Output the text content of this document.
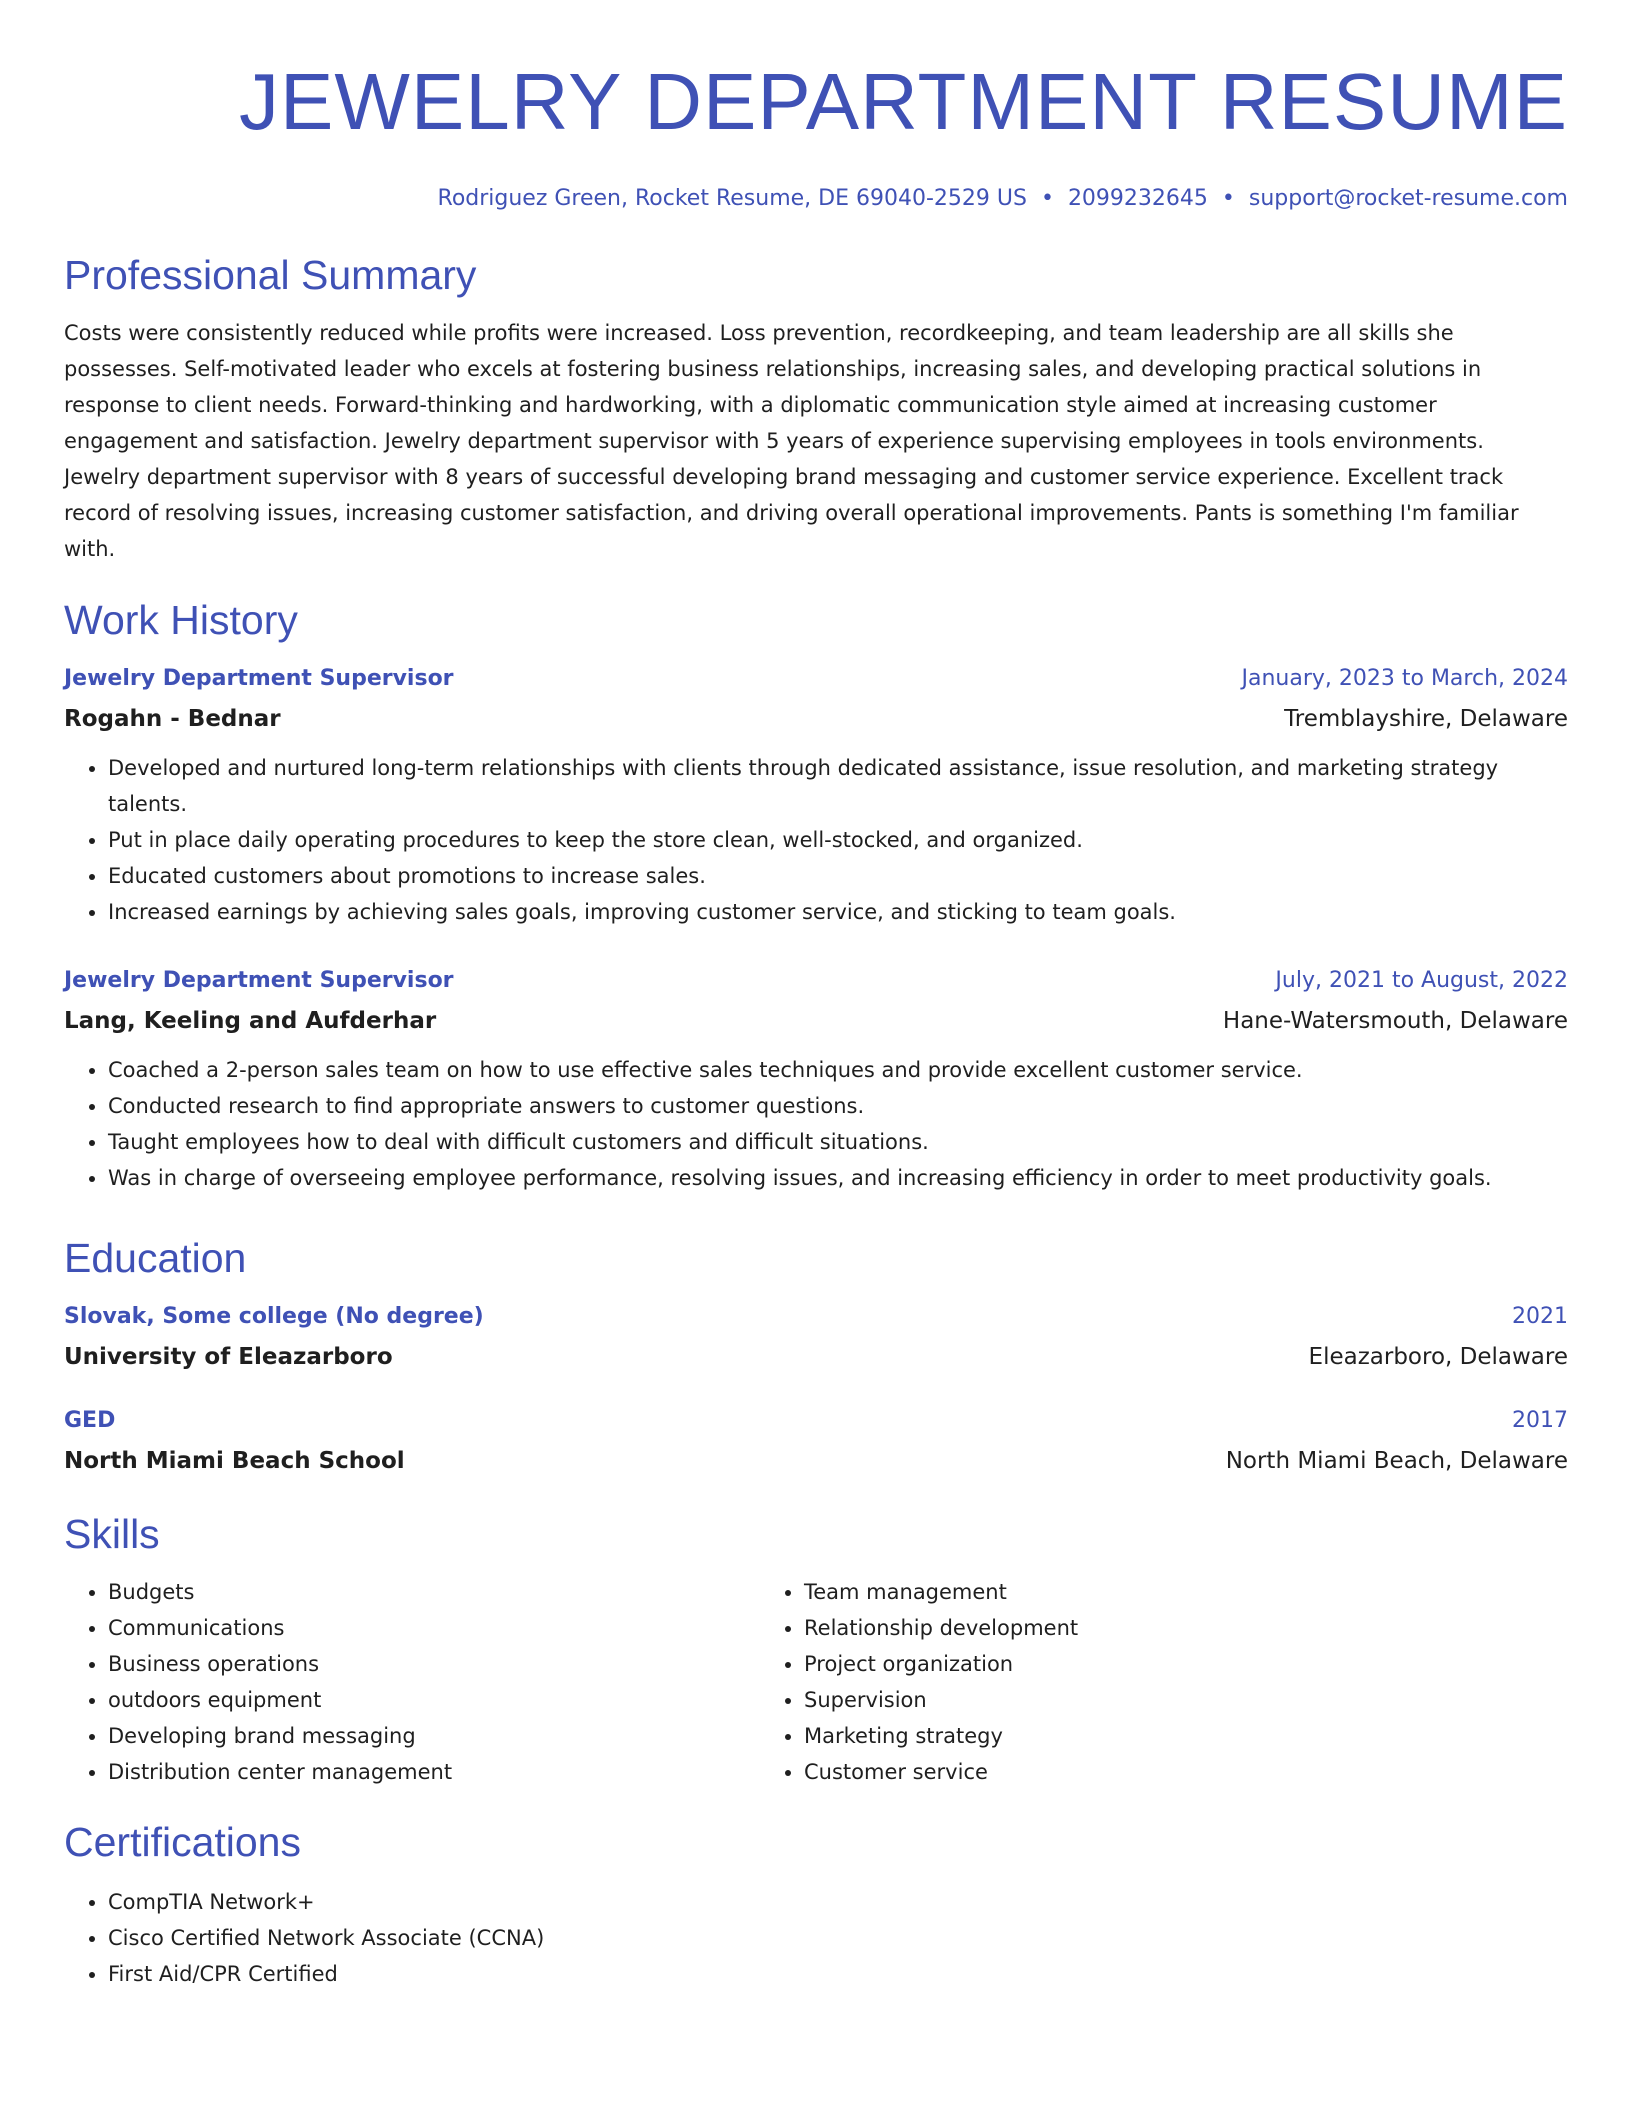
JEWELRY DEPARTMENT RESUME
Rodriguez Green, Rocket Resume, DE 69040-2529 US • 2099232645 • support@rocket-resume.com
Professional Summary
Costs were consistently reduced while profits were increased. Loss prevention, recordkeeping, and team leadership are all skills she possesses. Self-motivated leader who excels at fostering business relationships, increasing sales, and developing practical solutions in response to client needs. Forward-thinking and hardworking, with a diplomatic communication style aimed at increasing customer engagement and satisfaction. Jewelry department supervisor with 5 years of experience supervising employees in tools environments. Jewelry department supervisor with 8 years of successful developing brand messaging and customer service experience. Excellent track record of resolving issues, increasing customer satisfaction, and driving overall operational improvements. Pants is something I'm familiar with.
Work History
Jewelry Department Supervisor	January, 2023 to March, 2024
Rogahn - Bednar	Tremblayshire, Delaware
• Developed and nurtured long-term relationships with clients through dedicated assistance, issue resolution, and marketing strategy talents.
• Put in place daily operating procedures to keep the store clean, well-stocked, and organized.
• Educated customers about promotions to increase sales.
• Increased earnings by achieving sales goals, improving customer service, and sticking to team goals.
Jewelry Department Supervisor	July, 2021 to August, 2022
Lang, Keeling and Aufderhar	Hane-Watersmouth, Delaware
• Coached a 2-person sales team on how to use effective sales techniques and provide excellent customer service.
• Conducted research to find appropriate answers to customer questions.
• Taught employees how to deal with difficult customers and difficult situations.
• Was in charge of overseeing employee performance, resolving issues, and increasing efficiency in order to meet productivity goals.
Education
Slovak, Some college (No degree)	2021
University of Eleazarboro	Eleazarboro, Delaware
GED	2017
North Miami Beach School	North Miami Beach, Delaware
Skills
• Budgets
• Communications
• Business operations
• outdoors equipment
• Developing brand messaging
• Distribution center management
• Team management
• Relationship development
• Project organization
• Supervision
• Marketing strategy
• Customer service
Certifications
• CompTIA Network+
• Cisco Certified Network Associate (CCNA)
• First Aid/CPR Certified
